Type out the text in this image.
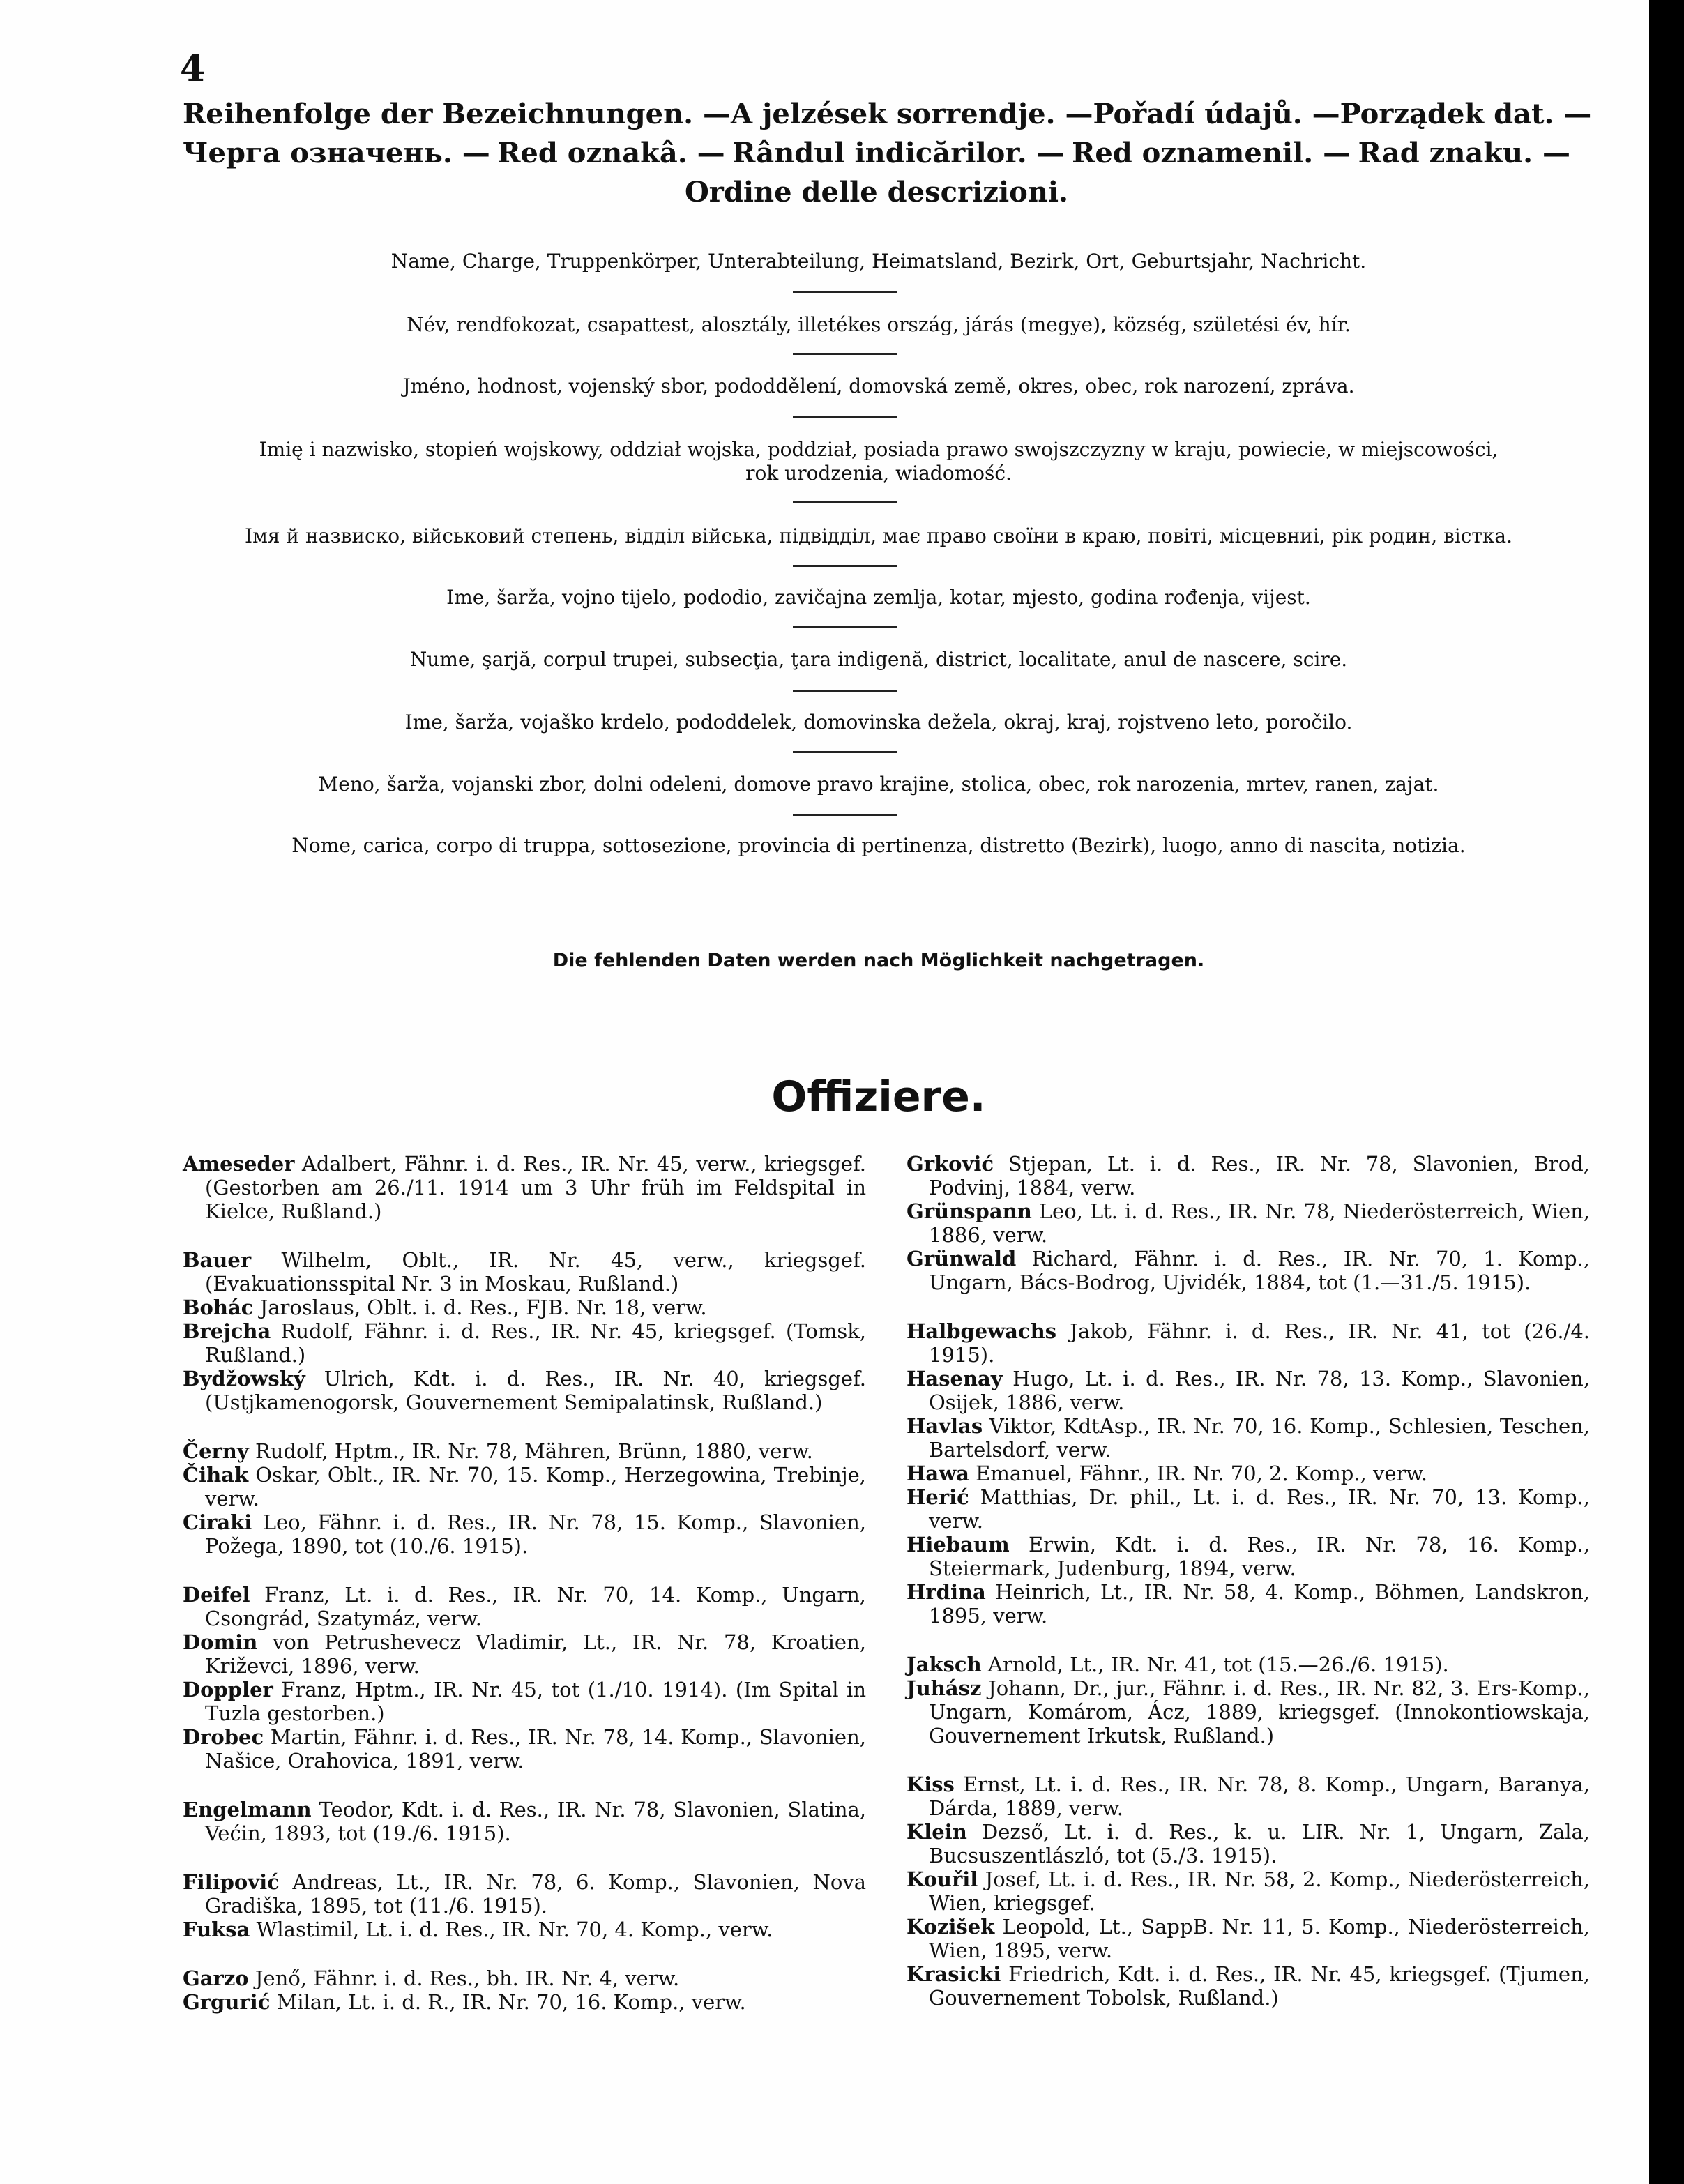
4
Reihenfolge der Bezeichnungen. — A jelzések sorrendje. — Pořadí údajů. — Porządek dat. —
Черга означень. — Red oznakâ. — Rândul indicărilor. — Red oznamenil. — Rad znaku. —
Ordine delle descrizioni.
Name, Charge, Truppenkörper, Unterabteilung, Heimatsland, Bezirk, Ort, Geburtsjahr, Nachricht.
Név, rendfokozat, csapattest, alosztály, illetékes ország, járás (megye), község, születési év, hír.
Jméno, hodnost, vojenský sbor, pododdělení, domovská země, okres, obec, rok narození, zpráva.
Imię i nazwisko, stopień wojskowy, oddział wojska, poddział, posiada prawo swojszczyzny w kraju, powiecie, w miejscowości,
rok urodzenia, wiadomość.
Імя й назвиско, військовий степень, відділ війська, підвідділ, має право своїни в краю, повіті, місцевниі, рік родин, вістка.
Ime, šarža, vojno tijelo, pododio, zavičajna zemlja, kotar, mjesto, godina rođenja, vijest.
Nume, şarjă, corpul trupei, subsecţia, ţara indigenă, district, localitate, anul de nascere, scire.
Ime, šarža, vojaško krdelo, pododdelek, domovinska dežela, okraj, kraj, rojstveno leto, poročilo.
Meno, šarža, vojanski zbor, dolni odeleni, domove pravo krajine, stolica, obec, rok narozenia, mrtev, ranen, zajat.
Nome, carica, corpo di truppa, sottosezione, provincia di pertinenza, distretto (Bezirk), luogo, anno di nascita, notizia.
Die fehlenden Daten werden nach Möglichkeit nachgetragen.
Offiziere.

Ameseder Adalbert, Fähnr. i. d. Res., IR. Nr. 45, verw., kriegsgef. (Gestorben am 26./11. 1914 um 3 Uhr früh im Feldspital in Kielce, Rußland.)

Bauer Wilhelm, Oblt., IR. Nr. 45, verw., kriegsgef. (Evakuationsspital Nr. 3 in Moskau, Rußland.)

Bohác Jaroslaus, Oblt. i. d. Res., FJB. Nr. 18, verw.

Brejcha Rudolf, Fähnr. i. d. Res., IR. Nr. 45, kriegsgef. (Tomsk, Rußland.)

Bydžowský Ulrich, Kdt. i. d. Res., IR. Nr. 40, kriegsgef. (Ustjkamenogorsk, Gouvernement Semipalatinsk, Rußland.)

Černy Rudolf, Hptm., IR. Nr. 78, Mähren, Brünn, 1880, verw.

Čihak Oskar, Oblt., IR. Nr. 70, 15. Komp., Herzegowina, Trebinje, verw.

Ciraki Leo, Fähnr. i. d. Res., IR. Nr. 78, 15. Komp., Slavonien, Požega, 1890, tot (10./6. 1915).

Deifel Franz, Lt. i. d. Res., IR. Nr. 70, 14. Komp., Ungarn, Csongrád, Szatymáz, verw.

Domin von Petrushevecz Vladimir, Lt., IR. Nr. 78, Kroatien, Križevci, 1896, verw.

Doppler Franz, Hptm., IR. Nr. 45, tot (1./10. 1914). (Im Spital in Tuzla gestorben.)

Drobec Martin, Fähnr. i. d. Res., IR. Nr. 78, 14. Komp., Slavonien, Našice, Orahovica, 1891, verw.

Engelmann Teodor, Kdt. i. d. Res., IR. Nr. 78, Slavonien, Slatina, Većin, 1893, tot (19./6. 1915).

Filipović Andreas, Lt., IR. Nr. 78, 6. Komp., Slavonien, Nova Gradiška, 1895, tot (11./6. 1915).

Fuksa Wlastimil, Lt. i. d. Res., IR. Nr. 70, 4. Komp., verw.

Garzo Jenő, Fähnr. i. d. Res., bh. IR. Nr. 4, verw.

Grgurić Milan, Lt. i. d. R., IR. Nr. 70, 16. Komp., verw.

Grković Stjepan, Lt. i. d. Res., IR. Nr. 78, Slavonien, Brod, Podvinj, 1884, verw.

Grünspann Leo, Lt. i. d. Res., IR. Nr. 78, Niederösterreich, Wien, 1886, verw.

Grünwald Richard, Fähnr. i. d. Res., IR. Nr. 70, 1. Komp., Ungarn, Bács-Bodrog, Ujvidék, 1884, tot (1.—31./5. 1915).

Halbgewachs Jakob, Fähnr. i. d. Res., IR. Nr. 41, tot (26./4. 1915).

Hasenay Hugo, Lt. i. d. Res., IR. Nr. 78, 13. Komp., Slavonien, Osijek, 1886, verw.

Havlas Viktor, KdtAsp., IR. Nr. 70, 16. Komp., Schlesien, Teschen, Bartelsdorf, verw.

Hawa Emanuel, Fähnr., IR. Nr. 70, 2. Komp., verw.

Herić Matthias, Dr. phil., Lt. i. d. Res., IR. Nr. 70, 13. Komp., verw.

Hiebaum Erwin, Kdt. i. d. Res., IR. Nr. 78, 16. Komp., Steiermark, Judenburg, 1894, verw.

Hrdina Heinrich, Lt., IR. Nr. 58, 4. Komp., Böhmen, Landskron, 1895, verw.

Jaksch Arnold, Lt., IR. Nr. 41, tot (15.—26./6. 1915).

Juhász Johann, Dr., jur., Fähnr. i. d. Res., IR. Nr. 82, 3. Ers-Komp., Ungarn, Komárom, Ácz, 1889, kriegsgef. (Innokontiowskaja, Gouvernement Irkutsk, Rußland.)

Kiss Ernst, Lt. i. d. Res., IR. Nr. 78, 8. Komp., Ungarn, Baranya, Dárda, 1889, verw.

Klein Dezső, Lt. i. d. Res., k. u. LIR. Nr. 1, Ungarn, Zala, Bucsuszentlászló, tot (5./3. 1915).

Kouřil Josef, Lt. i. d. Res., IR. Nr. 58, 2. Komp., Niederösterreich, Wien, kriegsgef.

Kozišek Leopold, Lt., SappB. Nr. 11, 5. Komp., Niederösterreich, Wien, 1895, verw.

Krasicki Friedrich, Kdt. i. d. Res., IR. Nr. 45, kriegsgef. (Tjumen, Gouvernement Tobolsk, Rußland.)
